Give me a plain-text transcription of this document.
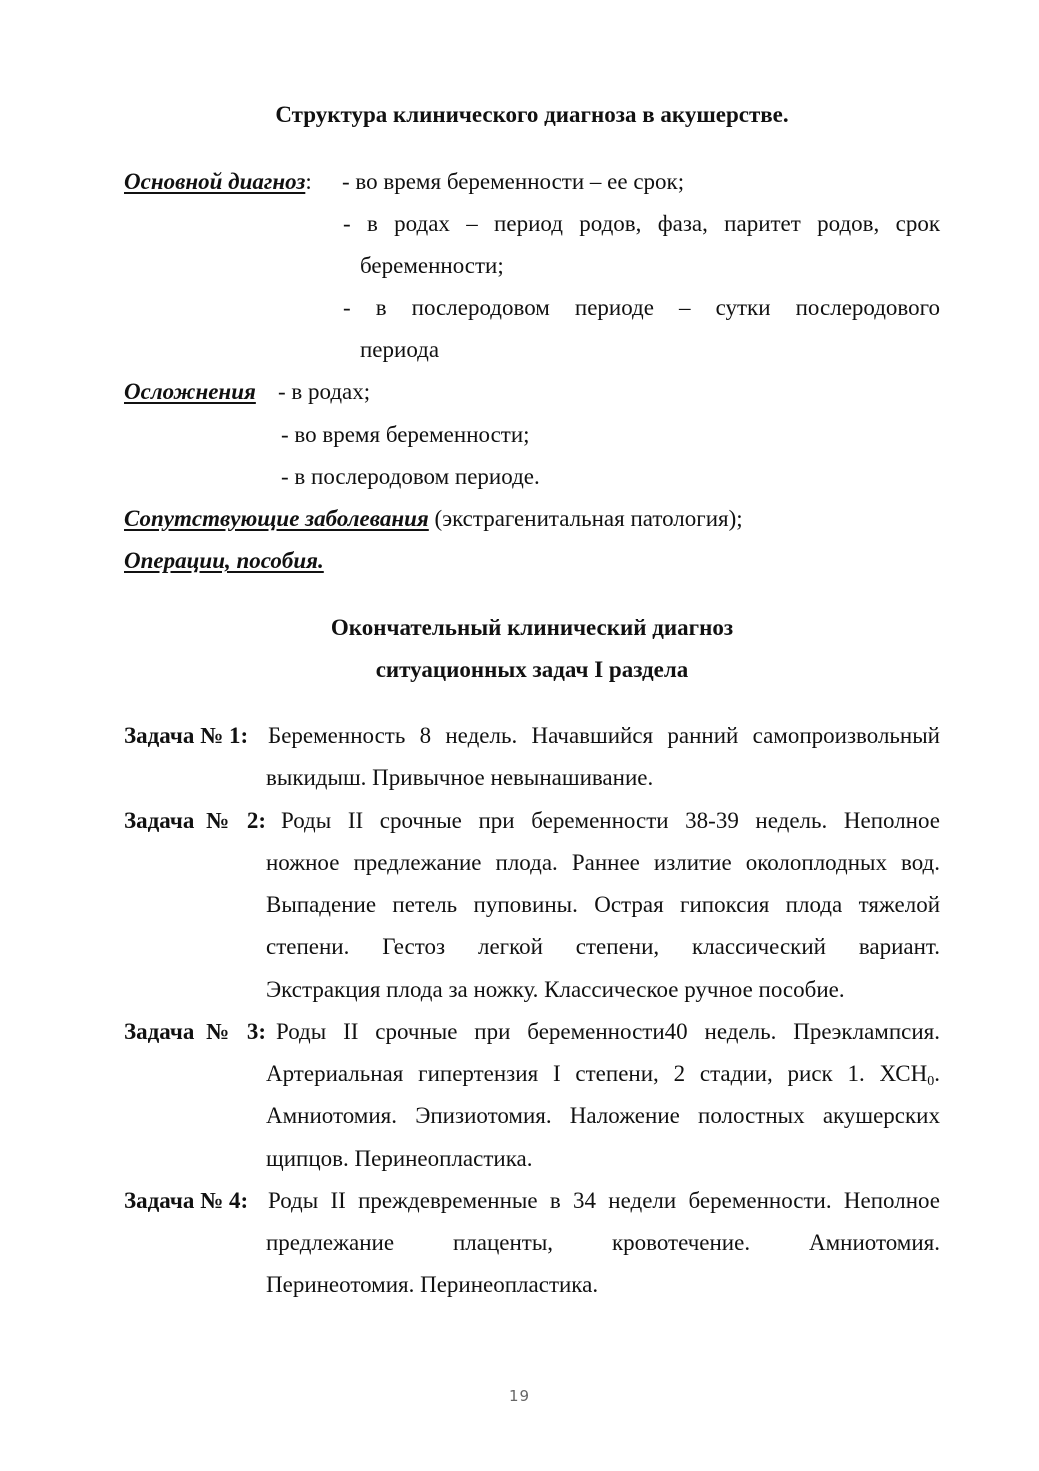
Структура клинического диагноза в акушерстве.
Основной диагноз: - во время беременности – ее срок;
- в родах – период родов, фаза, паритет родов, срок
беременности;
- в послеродовом периоде – сутки послеродового
периода
Осложнения - в родах;
- во время беременности;
- в послеродовом периоде.
Сопутствующие заболевания (экстрагенитальная патология);
Операции, пособия.
Окончательный клинический диагноз
ситуационных задач I раздела
Задача № 1: Беременность 8 недель. Начавшийся ранний самопроизвольный
выкидыш. Привычное невынашивание.
Задача № 2: Роды II срочные при беременности 38-39 недель. Неполное
ножное предлежание плода. Раннее излитие околоплодных вод.
Выпадение петель пуповины. Острая гипоксия плода тяжелой
степени. Гестоз легкой степени, классический вариант.
Экстракция плода за ножку. Классическое ручное пособие.
Задача № 3: Роды II срочные при беременности40 недель. Преэклампсия.
Артериальная гипертензия I степени, 2 стадии, риск 1. $ХСН_0$.
Амниотомия. Эпизиотомия. Наложение полостных акушерских
щипцов. Перинеопластика.
Задача № 4: Роды II преждевременные в 34 недели беременности. Неполное
предлежание плаценты, кровотечение. Амниотомия.
Перинеотомия. Перинеопластика.
19
